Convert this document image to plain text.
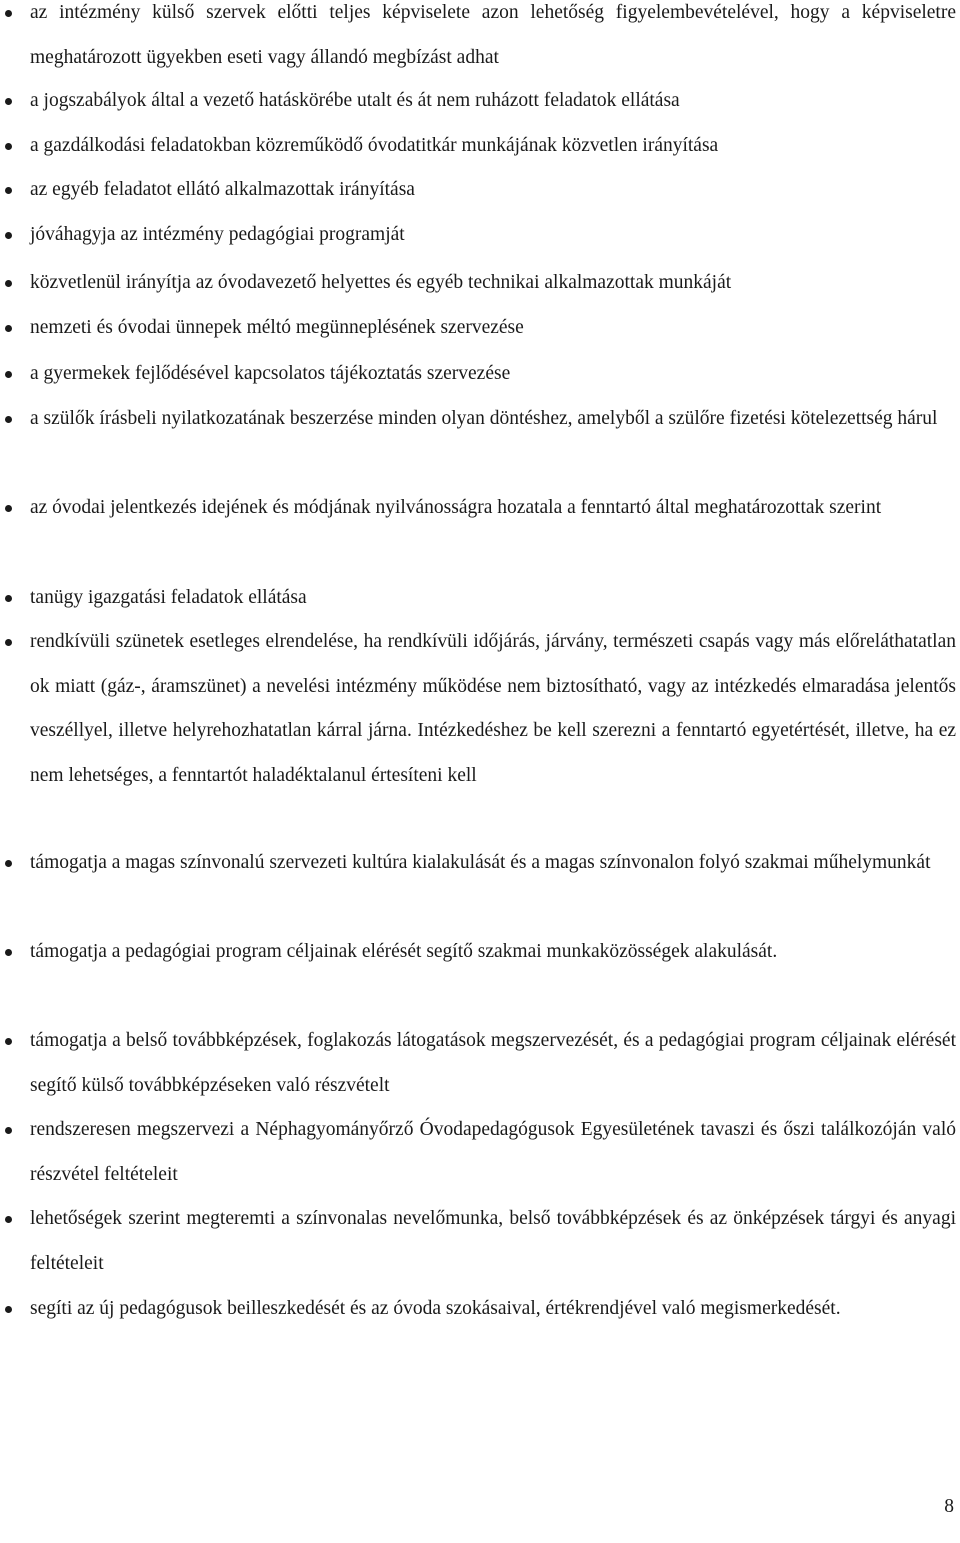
az intézmény külső szervek előtti teljes képviselete azon lehetőség figyelembevételével, hogy a képviseletre meghatározott ügyekben eseti vagy állandó megbízást adhat
a jogszabályok által a vezető hatáskörébe utalt és át nem ruházott feladatok ellátása
a gazdálkodási feladatokban közreműködő óvodatitkár munkájának közvetlen irányítása
az egyéb feladatot ellátó alkalmazottak irányítása
jóváhagyja az intézmény pedagógiai programját
közvetlenül irányítja az óvodavezető helyettes és egyéb technikai alkalmazottak munkáját
nemzeti és óvodai ünnepek méltó megünneplésének szervezése
a gyermekek fejlődésével kapcsolatos tájékoztatás szervezése
a szülők írásbeli nyilatkozatának beszerzése minden olyan döntéshez, amelyből a szülőre fizetési kötelezettség hárul
az óvodai jelentkezés idejének és módjának nyilvánosságra hozatala a fenntartó által meghatározottak szerint
tanügy igazgatási feladatok ellátása
rendkívüli szünetek esetleges elrendelése, ha rendkívüli időjárás, járvány, természeti csapás vagy más előreláthatatlan ok miatt (gáz-, áramszünet) a nevelési intézmény működése nem biztosítható, vagy az intézkedés elmaradása jelentős veszéllyel, illetve helyrehozhatatlan kárral járna. Intézkedéshez be kell szerezni a fenntartó egyetértését, illetve, ha ez nem lehetséges, a fenntartót haladéktalanul értesíteni kell
támogatja a magas színvonalú szervezeti kultúra kialakulását és a magas színvonalon folyó szakmai műhelymunkát
támogatja a pedagógiai program céljainak elérését segítő szakmai munkaközösségek alakulását.
támogatja a belső továbbképzések, foglakozás látogatások megszervezését, és a pedagógiai program céljainak elérését segítő külső továbbképzéseken való részvételt
rendszeresen megszervezi a Néphagyományőrző Óvodapedagógusok Egyesületének tavaszi és őszi találkozóján való részvétel feltételeit
lehetőségek szerint megteremti a színvonalas nevelőmunka, belső továbbképzések és az önképzések tárgyi és anyagi feltételeit
segíti az új pedagógusok beilleszkedését és az óvoda szokásaival, értékrendjével való megismerkedését.
8
